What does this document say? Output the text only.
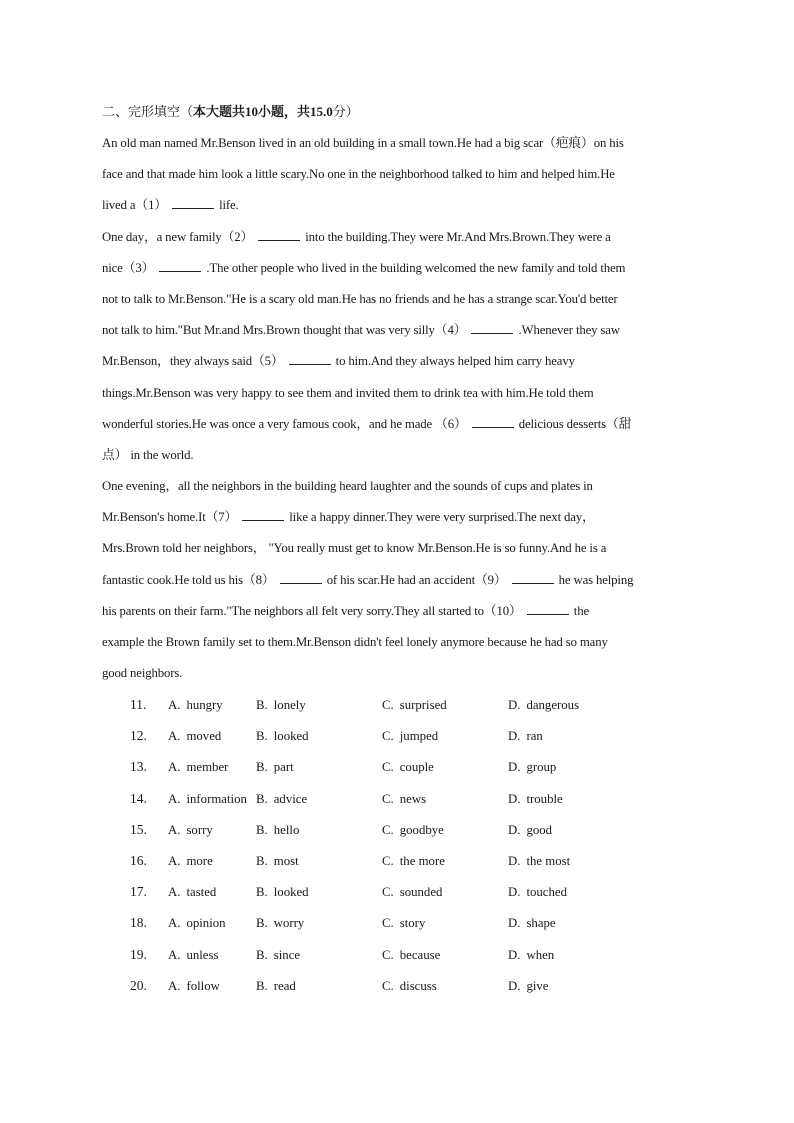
二、完形填空（本大题共10小题，共15.0分）
An old man named Mr.Benson lived in an old building in a small town.He had a big scar（疤痕）on his
face and that made him look a little scary.No one in the neighborhood talked to him and helped him.He
lived a（1）	life.
One day，a new family（2）	into the building.They were Mr.And Mrs.Brown.They were a
nice（3）	.The other people who lived in the building welcomed the new family and told them
not to talk to Mr.Benson."He is a scary old man.He has no friends and he has a strange scar.You'd better
not talk to him."But Mr.and Mrs.Brown thought that was very silly（4）	.Whenever they saw
Mr.Benson，they always said（5）	to him.And they always helped him carry heavy
things.Mr.Benson was very happy to see them and invited them to drink tea with him.He told them
wonderful stories.He was once a very famous cook，and he made （6）	delicious desserts（甜
点） in the world.
One evening，all the neighbors in the building heard laughter and the sounds of cups and plates in
Mr.Benson's home.It（7）	like a happy dinner.They were very surprised.The next day，
Mrs.Brown told her neighbors， "You really must get to know Mr.Benson.He is so funny.And he is a
fantastic cook.He told us his（8）	of his scar.He had an accident（9）	he was helping
his parents on their farm."The neighbors all felt very sorry.They all started to（10）	the
example the Brown family set to them.Mr.Benson didn't feel lonely anymore because he had so many
good neighbors.
11. A. hungry	B. lonely	C. surprised	D. dangerous
12. A. moved	B. looked	C. jumped	D. ran
13. A. member B. part	C. couple	D. group
14. A. information B. advice	C. news	D. trouble
15. A. sorry	B. hello	C. goodbye	D. good
16. A. more	B. most	C. the more	D. the most
17. A. tasted	B. looked	C. sounded	D. touched
18. A. opinion B. worry	C. story	D. shape
19. A. unless	B. since	C. because	D. when
20. A. follow	B. read	C. discuss	D. give
